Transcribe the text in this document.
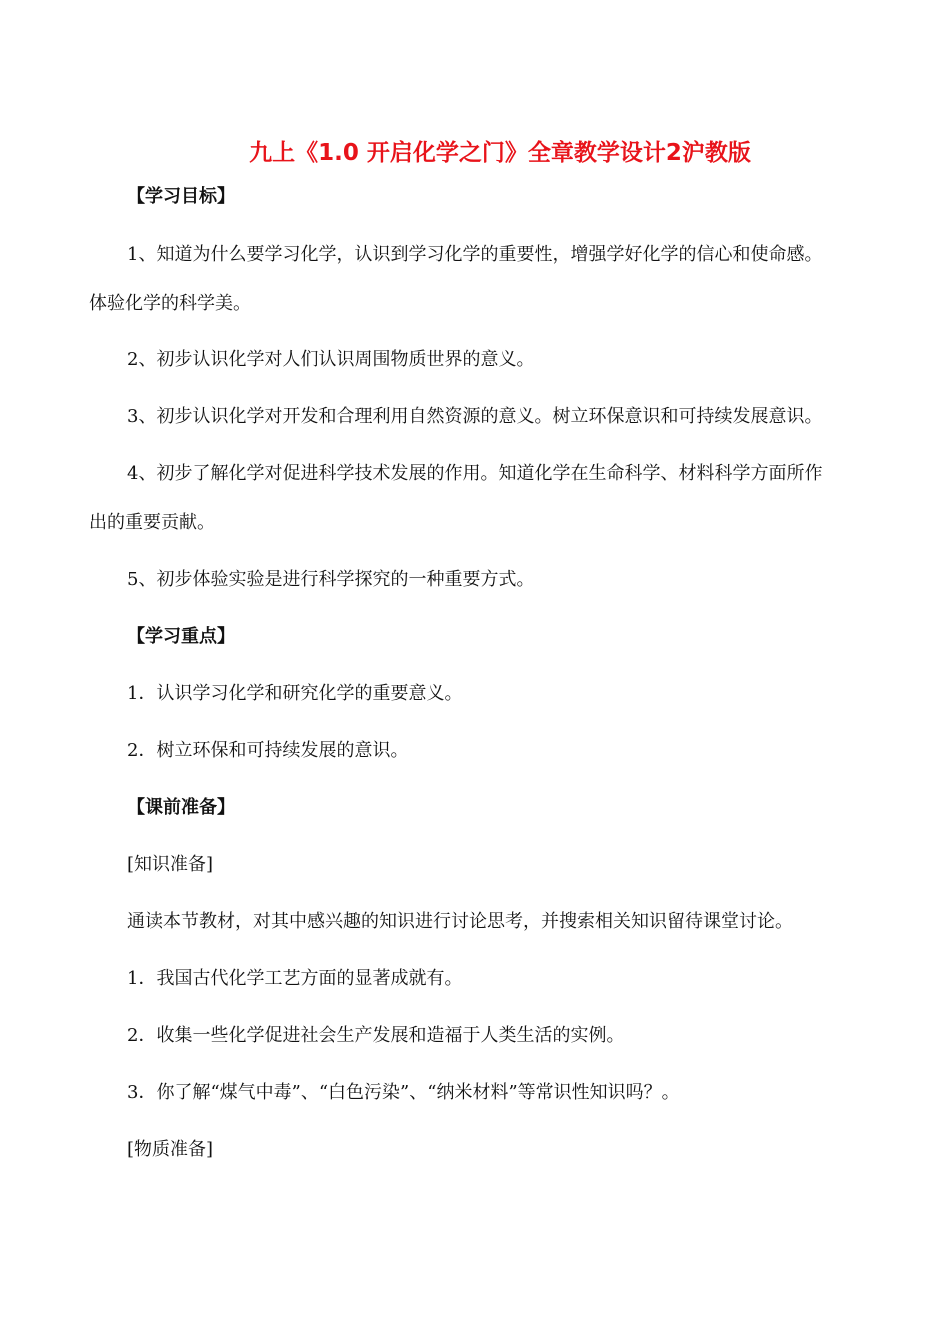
九上《1.0 开启化学之门》全章教学设计2沪教版
【学习目标】
1、知道为什么要学习化学，认识到学习化学的重要性，增强学好化学的信心和使命感。
体验化学的科学美。
2、初步认识化学对人们认识周围物质世界的意义。
3、初步认识化学对开发和合理利用自然资源的意义。树立环保意识和可持续发展意识。
4、初步了解化学对促进科学技术发展的作用。知道化学在生命科学、材料科学方面所作
出的重要贡献。
5、初步体验实验是进行科学探究的一种重要方式。
【学习重点】
1．认识学习化学和研究化学的重要意义。
2．树立环保和可持续发展的意识。
【课前准备】
[知识准备]
通读本节教材，对其中感兴趣的知识进行讨论思考，并搜索相关知识留待课堂讨论。
1．我国古代化学工艺方面的显著成就有。
2．收集一些化学促进社会生产发展和造福于人类生活的实例。
3．你了解“煤气中毒”、“白色污染”、“纳米材料”等常识性知识吗？。
[物质准备]
